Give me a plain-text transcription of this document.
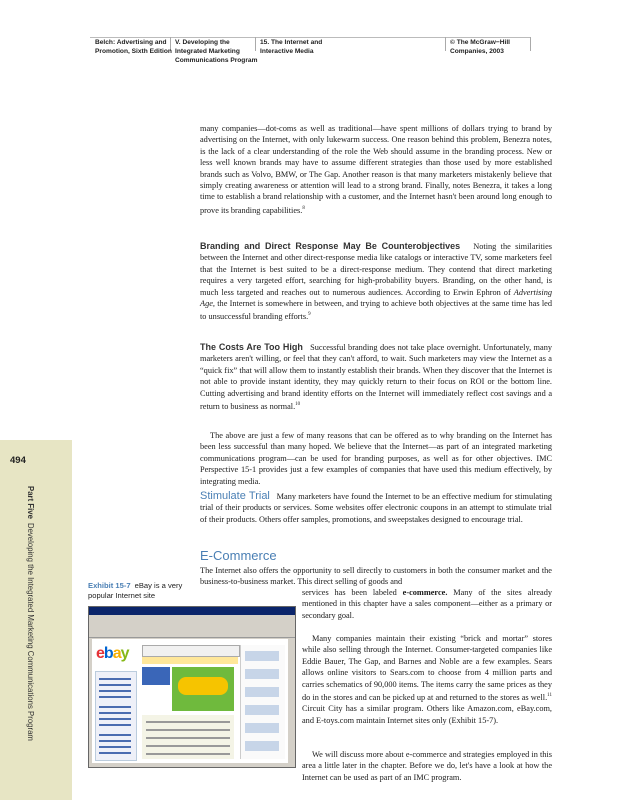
Belch: Advertising and
Promotion, Sixth Edition
V. Developing the
Integrated Marketing
Communications Program
15. The Internet and
Interactive Media
© The McGraw−Hill
Companies, 2003
494
Part FiveDeveloping the Integrated Marketing Communications Program

many companies—dot-coms as well as traditional—have spent millions of dollars trying to brand by advertising on the Internet, with only lukewarm success. One reason behind this problem, Benezra notes, is the lack of a clear understanding of the role the Web should assume in the branding process. New or less well known brands may have to assume different strategies than those used by more established brands such as Volvo, BMW, or The Gap. Another reason is that many marketers mistakenly believe that simply creating awareness or attention will lead to a strong brand. Finally, notes Benezra, it takes a long time to establish a brand relationship with a customer, and the Internet hasn't been around long enough to prove its branding capabilities.$^8$

Branding and Direct Response May Be Counterobjectives Noting the similarities between the Internet and other direct-response media like catalogs or interactive TV, some marketers feel that the Internet is best suited to be a direct-response medium. They contend that direct marketing requires a very targeted effort, searching for high-probability buyers. Branding, on the other hand, is much less targeted and reaches out to numerous audiences. According to Erwin Ephron of Advertising Age, the Internet is somewhere in between, and trying to achieve both objectives at the same time has led to unsuccessful branding efforts.$^9$

The Costs Are Too High Successful branding does not take place overnight. Unfortunately, many marketers aren't willing, or feel that they can't afford, to wait. Such marketers may view the Internet as a “quick fix” that will allow them to instantly establish their brands. When they discover that the Internet is not able to provide instant identity, they may quickly return to their focus on ROI or the bottom line. Cutting advertising and brand identity efforts on the Internet will immediately reflect cost savings and a return to business as normal.$^{10}$

The above are just a few of many reasons that can be offered as to why branding on the Internet has been less successful than many hoped. We believe that the Internet—as part of an integrated marketing communications program—can be used for branding purposes, as well as for other objectives. IMC Perspective 15-1 provides just a few examples of companies that have used this medium effectively, by integrating media.

Stimulate Trial Many marketers have found the Internet to be an effective medium for stimulating trial of their products or services. Some websites offer electronic coupons in an attempt to stimulate trial of their products. Others offer samples, promotions, and sweepstakes designed to encourage trial.

E-Commerce

The Internet also offers the opportunity to sell directly to customers in both the consumer market and the business-to-business market. This direct selling of goods and

services has been labeled e-commerce. Many of the sites already mentioned in this chapter have a sales component—either as a primary or secondary goal.

Many companies maintain their existing “brick and mortar” stores while also selling through the Internet. Consumer-targeted companies like Eddie Bauer, The Gap, and Barnes and Noble are a few examples. Sears allows online visitors to Sears.com to choose from 4 million parts and carries schematics of 90,000 items. The items carry the same prices as they do in the stores and can be picked up at and returned to the stores as well.$^{11}$ Circuit City has a similar program. Others like Amazon.com, eBay.com, and E-toys.com maintain Internet sites only (Exhibit 15-7).

We will discuss more about e-commerce and strategies employed in this area a little later in the chapter. Before we do, let's have a look at how the Internet can be used as part of an IMC program.

Exhibit 15-7 eBay is a very popular Internet site
ebay
